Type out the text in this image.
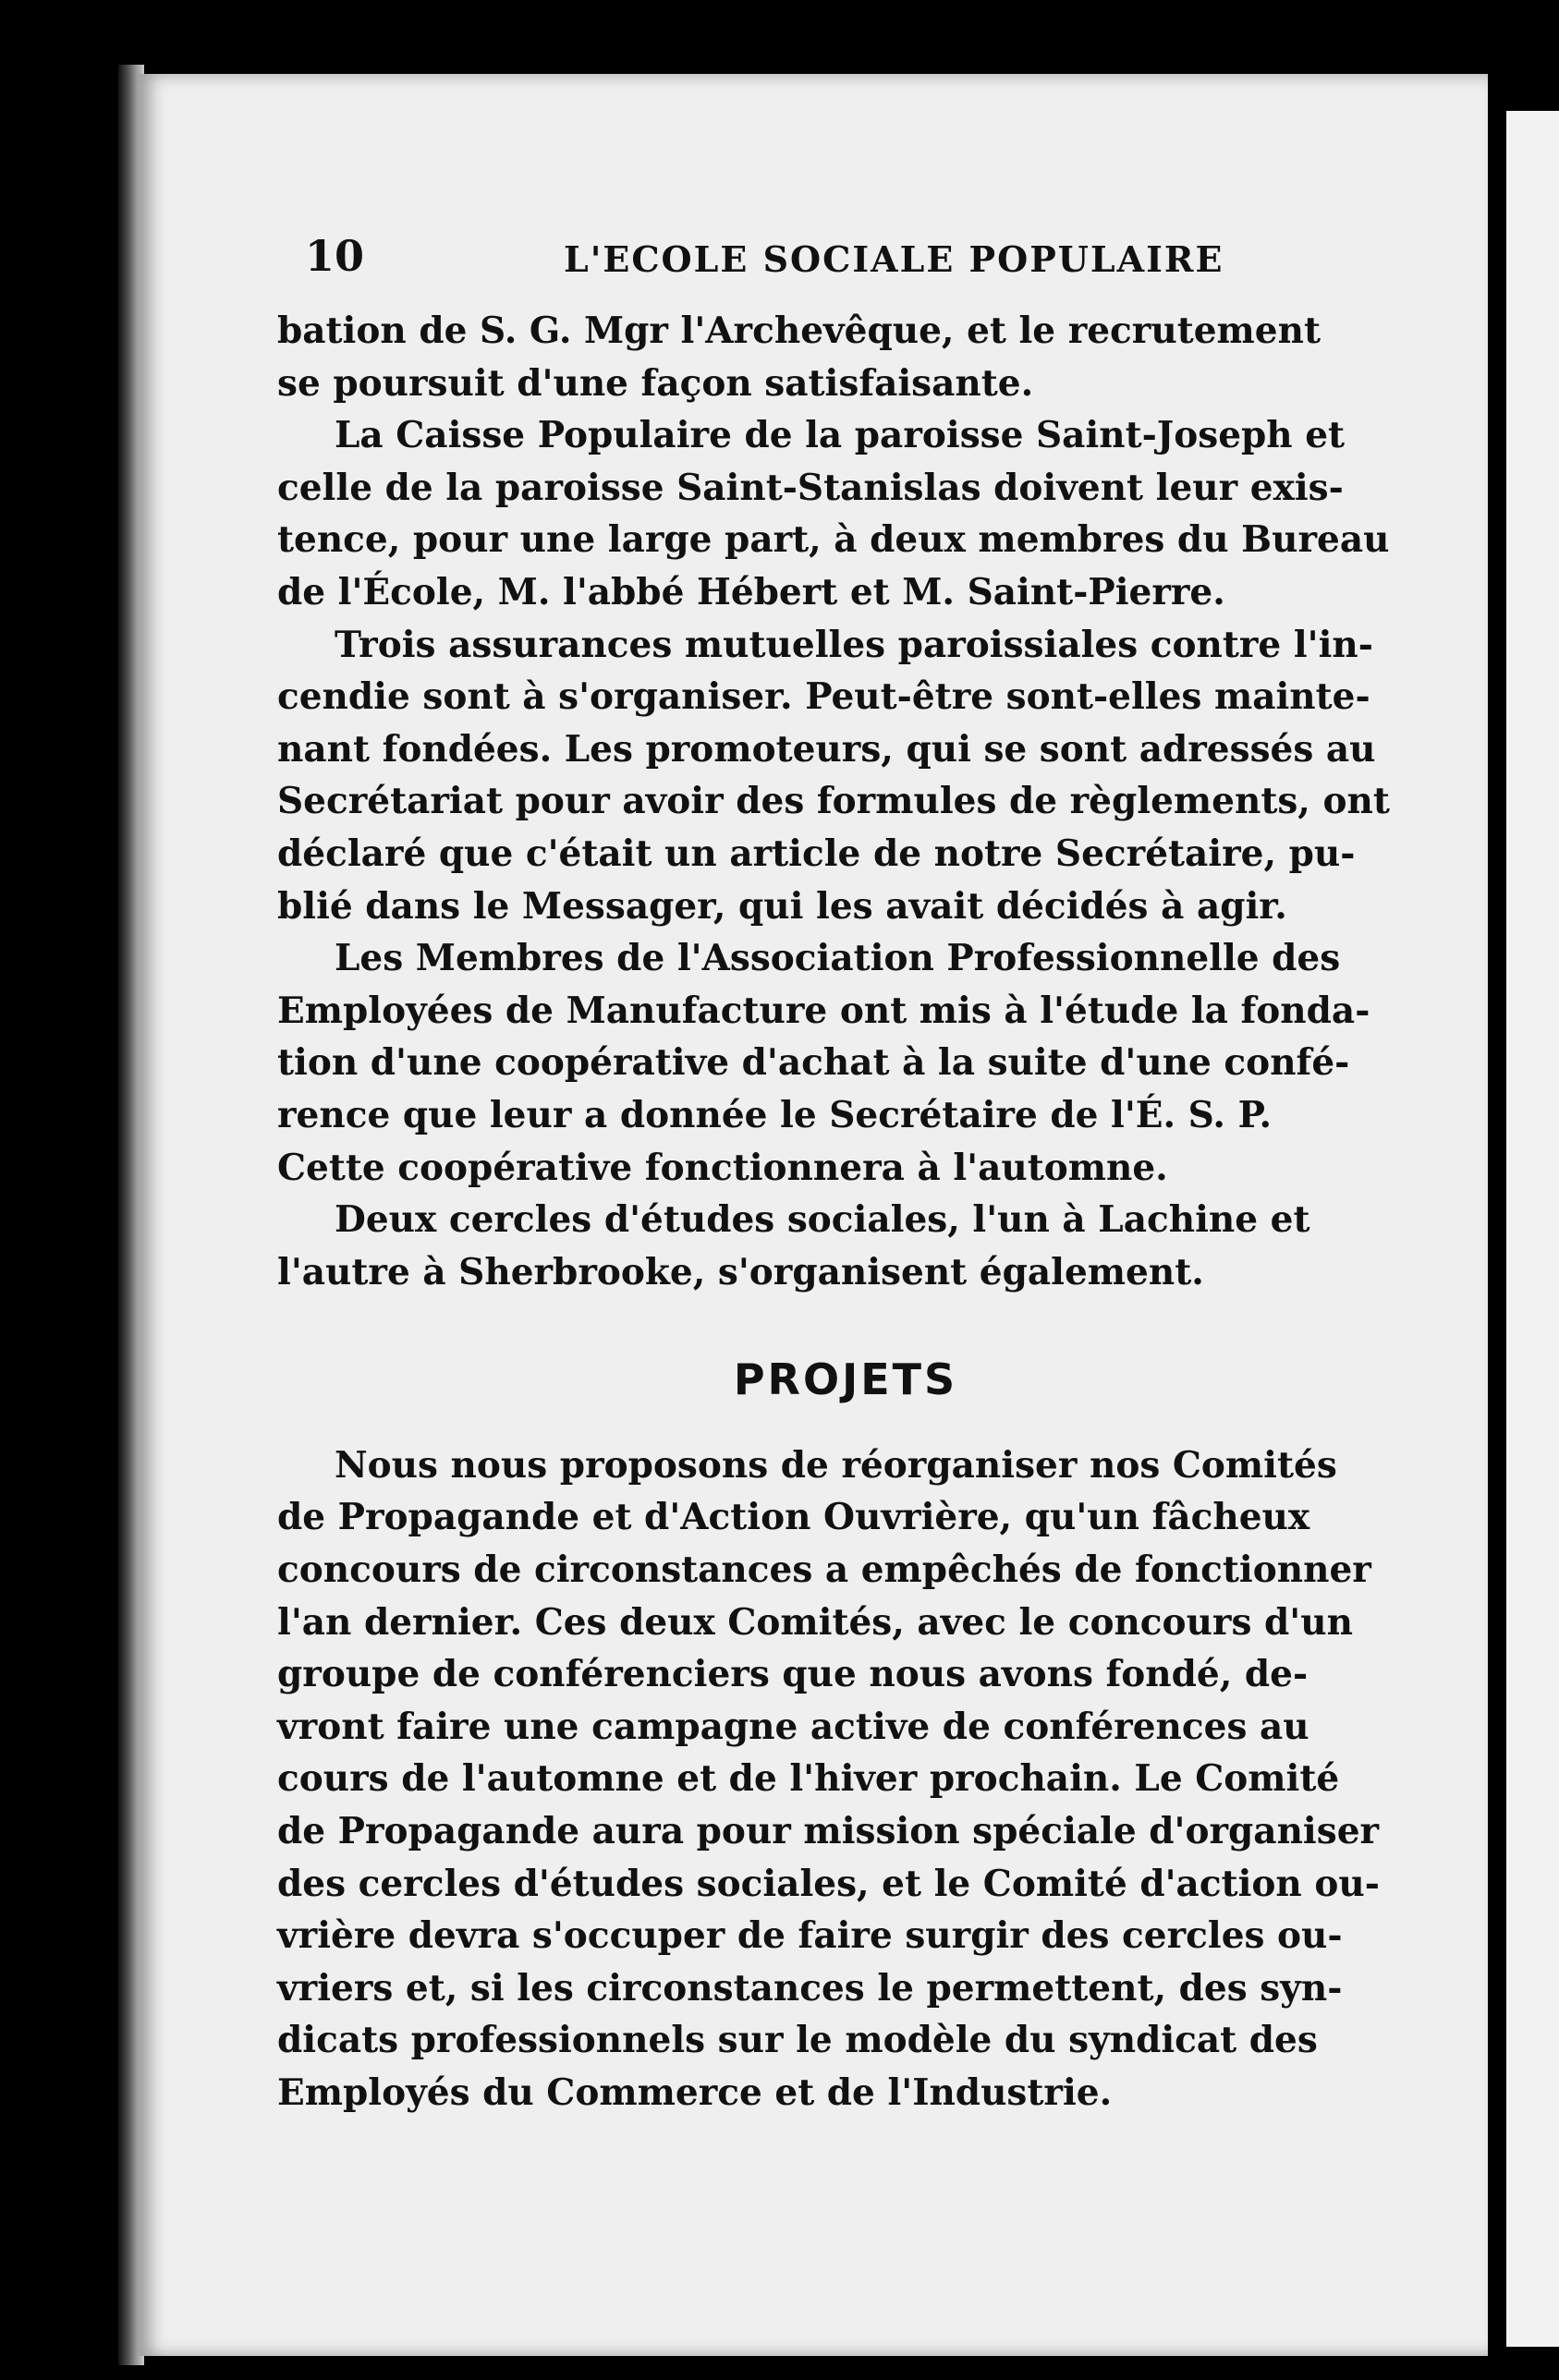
10	L'ECOLE SOCIALE POPULAIRE

bation de S. G. Mgr l'Archevêque, et le recrutement
se poursuit d'une façon satisfaisante.

La Caisse Populaire de la paroisse Saint-Joseph et
celle de la paroisse Saint-Stanislas doivent leur exis-
tence, pour une large part, à deux membres du Bureau
de l'École, M. l'abbé Hébert et M. Saint-Pierre.

Trois assurances mutuelles paroissiales contre l'in-
cendie sont à s'organiser. Peut-être sont-elles mainte-
nant fondées. Les promoteurs, qui se sont adressés au
Secrétariat pour avoir des formules de règlements, ont
déclaré que c'était un article de notre Secrétaire, pu-
blié dans le Messager, qui les avait décidés à agir.

Les Membres de l'Association Professionnelle des
Employées de Manufacture ont mis à l'étude la fonda-
tion d'une coopérative d'achat à la suite d'une confé-
rence que leur a donnée le Secrétaire de l'É. S. P.
Cette coopérative fonctionnera à l'automne.

Deux cercles d'études sociales, l'un à Lachine et
l'autre à Sherbrooke, s'organisent également.

PROJETS

Nous nous proposons de réorganiser nos Comités
de Propagande et d'Action Ouvrière, qu'un fâcheux
concours de circonstances a empêchés de fonctionner
l'an dernier. Ces deux Comités, avec le concours d'un
groupe de conférenciers que nous avons fondé, de-
vront faire une campagne active de conférences au
cours de l'automne et de l'hiver prochain. Le Comité
de Propagande aura pour mission spéciale d'organiser
des cercles d'études sociales, et le Comité d'action ou-
vrière devra s'occuper de faire surgir des cercles ou-
vriers et, si les circonstances le permettent, des syn-
dicats professionnels sur le modèle du syndicat des
Employés du Commerce et de l'Industrie.
